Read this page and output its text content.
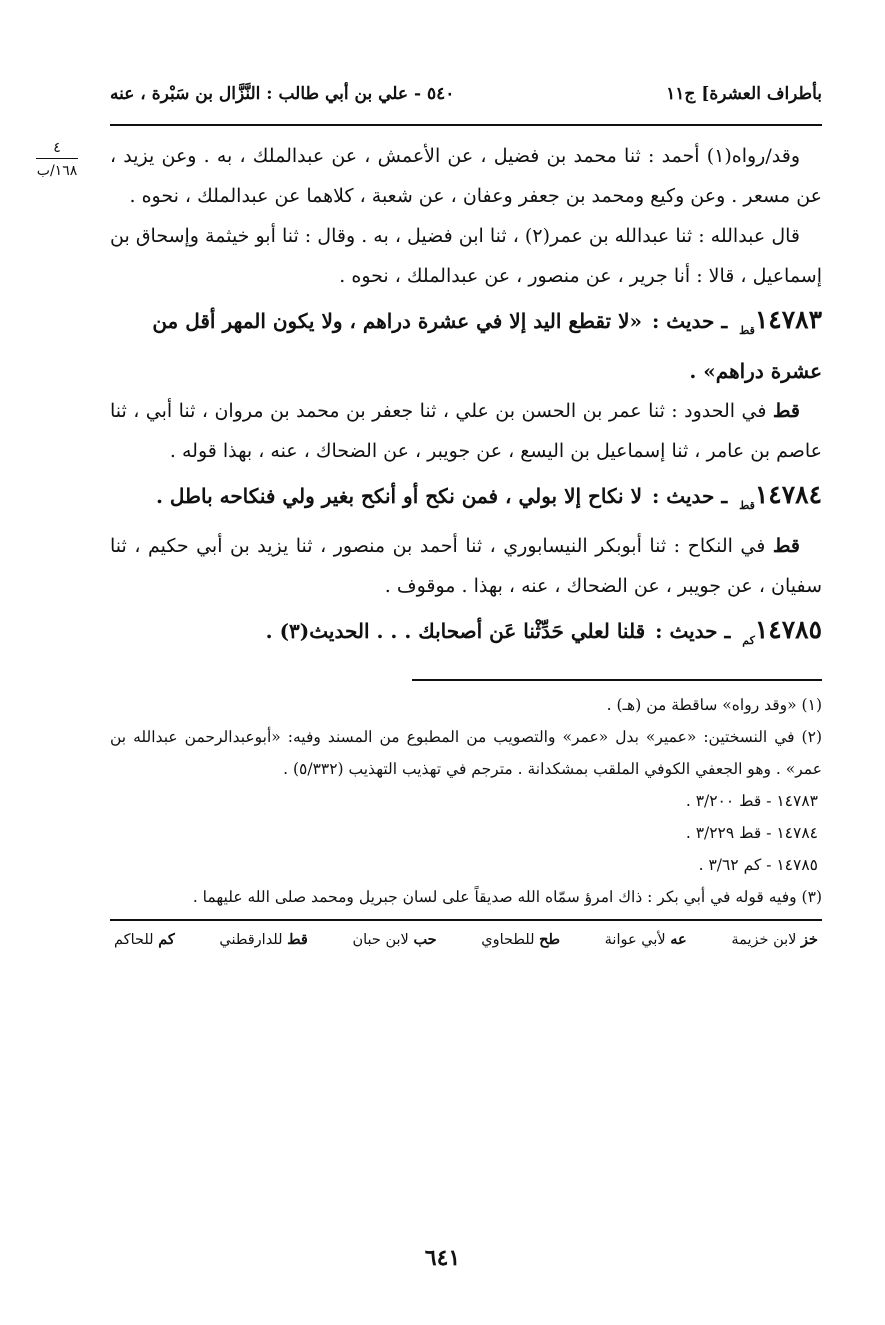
٤
١٦٨/ب
بأطراف العشرة] ج١١
٥٤٠ - علي بن أبي طالب : النَّزَّال بن سَبْرة ، عنه

وقد/رواه(١) أحمد : ثنا محمد بن فضيل ، عن الأعمش ، عن عبدالملك ، به . وعن يزيد ، عن مسعر . وعن وكيع ومحمد بن جعفر وعفان ، عن شعبة ، كلاهما عن عبدالملك ، نحوه .

قال عبدالله : ثنا عبدالله بن عمر(٢) ، ثنا ابن فضيل ، به . وقال : ثنا أبو خيثمة وإسحاق بن إسماعيل ، قالا : أنا جرير ، عن منصور ، عن عبدالملك ، نحوه .

$١٤٧٨٣_{قط}$ ـ حديث : «لا تقطع اليد إلا في عشرة دراهم ، ولا يكون المهر أقل من عشرة دراهم» .

قط في الحدود : ثنا عمر بن الحسن بن علي ، ثنا جعفر بن محمد بن مروان ، ثنا أبي ، ثنا عاصم بن عامر ، ثنا إسماعيل بن اليسع ، عن جويبر ، عن الضحاك ، عنه ، بهذا قوله .

$١٤٧٨٤_{قط}$ ـ حديث : لا نكاح إلا بولي ، فمن نكح أو أنكح بغير ولي فنكاحه باطل .

قط في النكاح : ثنا أبوبكر النيسابوري ، ثنا أحمد بن منصور ، ثنا يزيد بن أبي حكيم ، ثنا سفيان ، عن جويبر ، عن الضحاك ، عنه ، بهذا . موقوف .

$١٤٧٨٥_{كم}$ ـ حديث : قلنا لعلي حَدِّثْنا عَن أصحابك . . . الحديث(٣) .

(١) «وقد رواه» ساقطة من (هـ) .

(٢) في النسختين: «عمير» بدل «عمر» والتصويب من المطبوع من المسند وفيه: «أبوعبدالرحمن عبدالله بن عمر» . وهو الجعفي الكوفي الملقب بمشكدانة . مترجم في تهذيب التهذيب (٥/٣٣٢) .

١٤٧٨٣ - قط ٣/٢٠٠ .

١٤٧٨٤ - قط ٣/٢٢٩ .

١٤٧٨٥ - كم ٣/٦٢ .

(٣) وفيه قوله في أبي بكر : ذاك امرؤ سمّاه الله صديقاً على لسان جبريل ومحمد صلى الله عليهما .

خز لابن خزيمة
عه لأبي عوانة
طح للطحاوي
حب لابن حبان
قط للدارقطني
كم للحاكم
٦٤١
